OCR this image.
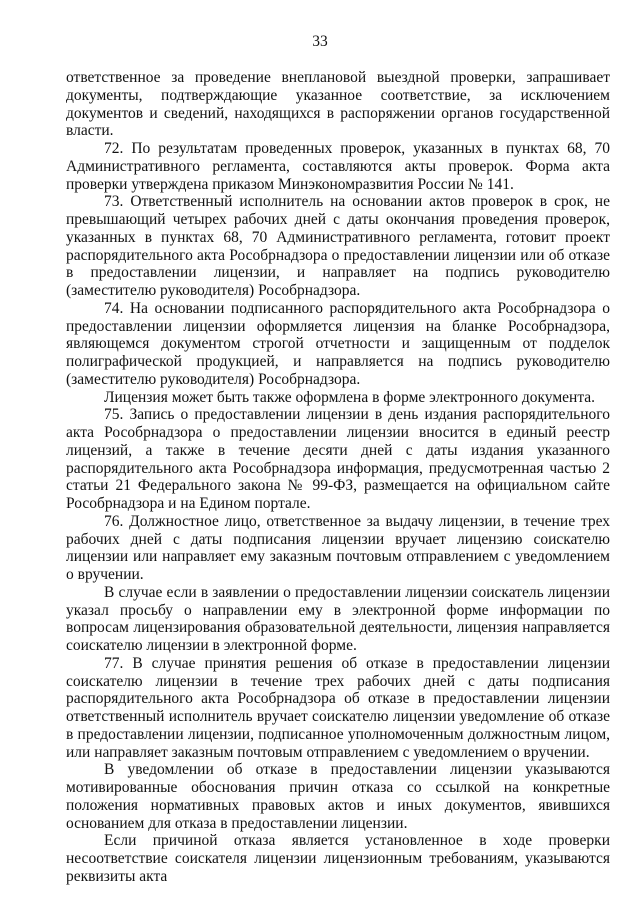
33

ответственное за проведение внеплановой выездной проверки, запрашивает документы, подтверждающие указанное соответствие, за исключением документов и сведений, находящихся в распоряжении органов государственной власти.

72. По результатам проведенных проверок, указанных в пунктах 68, 70 Административного регламента, составляются акты проверок. Форма акта проверки утверждена приказом Минэкономразвития России № 141.

73. Ответственный исполнитель на основании актов проверок в срок, не превышающий четырех рабочих дней с даты окончания проведения проверок, указанных в пунктах 68, 70 Административного регламента, готовит проект распорядительного акта Рособрнадзора о предоставлении лицензии или об отказе в предоставлении лицензии, и направляет на подпись руководителю (заместителю руководителя) Рособрнадзора.

74. На основании подписанного распорядительного акта Рособрнадзора о предоставлении лицензии оформляется лицензия на бланке Рособрнадзора, являющемся документом строгой отчетности и защищенным от подделок полиграфической продукцией, и направляется на подпись руководителю (заместителю руководителя) Рособрнадзора.

Лицензия может быть также оформлена в форме электронного документа.

75. Запись о предоставлении лицензии в день издания распорядительного акта Рособрнадзора о предоставлении лицензии вносится в единый реестр лицензий, а также в течение десяти дней с даты издания указанного распорядительного акта Рособрнадзора информация, предусмотренная частью 2 статьи 21 Федерального закона № 99-ФЗ, размещается на официальном сайте Рособрнадзора и на Едином портале.

76. Должностное лицо, ответственное за выдачу лицензии, в течение трех рабочих дней с даты подписания лицензии вручает лицензию соискателю лицензии или направляет ему заказным почтовым отправлением с уведомлением о вручении.

В случае если в заявлении о предоставлении лицензии соискатель лицензии указал просьбу о направлении ему в электронной форме информации по вопросам лицензирования образовательной деятельности, лицензия направляется соискателю лицензии в электронной форме.

77. В случае принятия решения об отказе в предоставлении лицензии соискателю лицензии в течение трех рабочих дней с даты подписания распорядительного акта Рособрнадзора об отказе в предоставлении лицензии ответственный исполнитель вручает соискателю лицензии уведомление об отказе в предоставлении лицензии, подписанное уполномоченным должностным лицом, или направляет заказным почтовым отправлением с уведомлением о вручении.

В уведомлении об отказе в предоставлении лицензии указываются мотивированные обоснования причин отказа со ссылкой на конкретные положения нормативных правовых актов и иных документов, явившихся основанием для отказа в предоставлении лицензии.

Если причиной отказа является установленное в ходе проверки несоответствие соискателя лицензии лицензионным требованиям, указываются реквизиты акта
